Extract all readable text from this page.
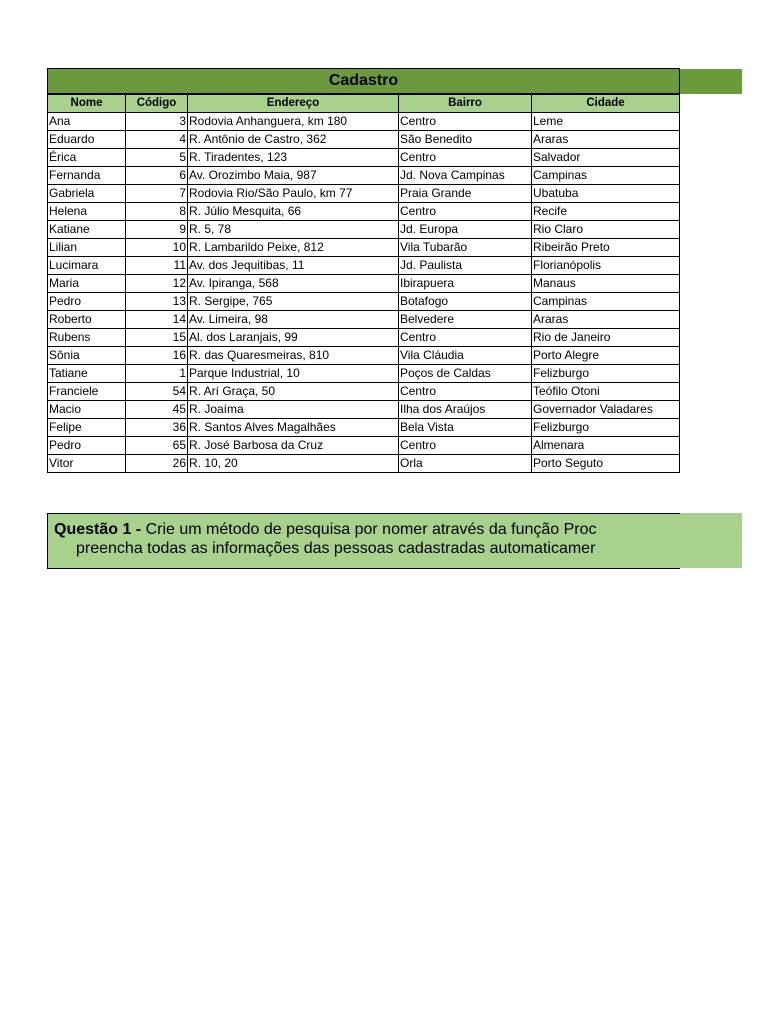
Cadastro
Nome	Código	Endereço	Bairro	Cidade
Ana	3	Rodovia Anhanguera, km 180	Centro	Leme
Eduardo	4	R. Antônio de Castro, 362	São Benedito	Araras
Érica	5	R. Tiradentes, 123	Centro	Salvador
Fernanda	6	Av. Orozimbo Maia, 987	Jd. Nova Campinas	Campinas
Gabriela	7	Rodovia Rio/São Paulo, km 77	Praia Grande	Ubatuba
Helena	8	R. Júlio Mesquita, 66	Centro	Recife
Katiane	9	R. 5, 78	Jd. Europa	Rio Claro
Lilian	10	R. Lambarildo Peixe, 812	Vila Tubarão	Ribeirão Preto
Lucimara	11	Av. dos Jequitibas, 11	Jd. Paulista	Florianópolis
Maria	12	Av. Ipiranga, 568	Ibirapuera	Manaus
Pedro	13	R. Sergipe, 765	Botafogo	Campinas
Roberto	14	Av. Limeira, 98	Belvedere	Araras
Rubens	15	Al. dos Laranjais, 99	Centro	Rio de Janeiro
Sônia	16	R. das Quaresmeiras, 810	Vila Cláudia	Porto Alegre
Tatiane	1	Parque Industrial, 10	Poços de Caldas	Felizburgo
Franciele	54	R. Arí Graça, 50	Centro	Teófilo Otoni
Macio	45	R. Joaíma	Ilha dos Araújos	Governador Valadares
Felipe	36	R. Santos Alves Magalhães	Bela Vista	Felizburgo
Pedro	65	R. José Barbosa da Cruz	Centro	Almenara
Vitor	26	R. 10, 20	Orla	Porto Seguto
Questão 1 - Crie um método de pesquisa por nomer através da função Proc
preencha todas as informações das pessoas cadastradas automaticamer
